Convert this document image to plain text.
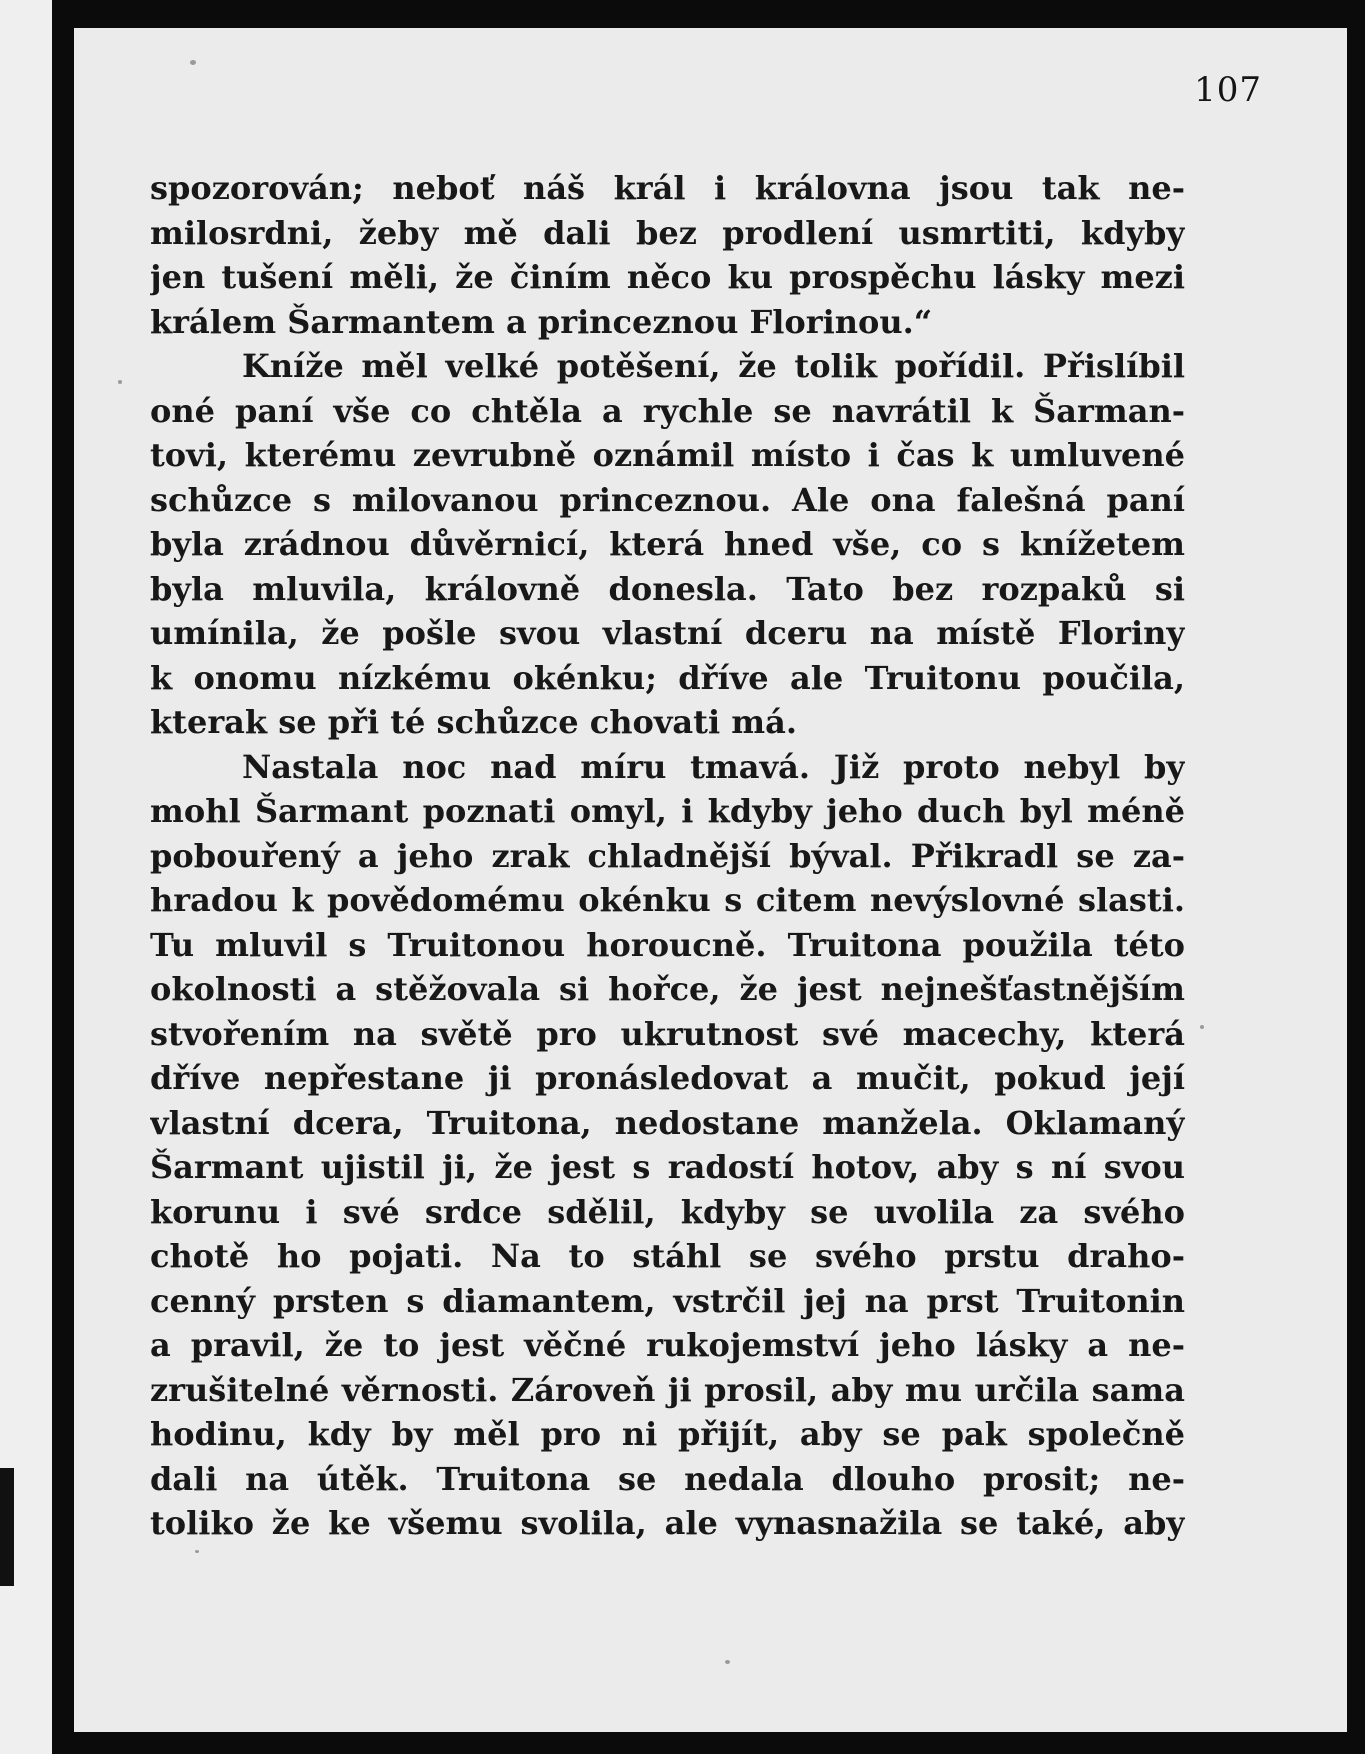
107
spozorován; neboť náš král i královna jsou tak ne-
milosrdni, žeby mě dali bez prodlení usmrtiti, kdyby
jen tušení měli, že činím něco ku prospěchu lásky mezi
králem Šarmantem a princeznou Florinou.“
Kníže měl velké potěšení, že tolik pořídil. Přislíbil
oné paní vše co chtěla a rychle se navrátil k Šarman-
tovi, kterému zevrubně oznámil místo i čas k umluvené
schůzce s milovanou princeznou. Ale ona falešná paní
byla zrádnou důvěrnicí, která hned vše, co s knížetem
byla mluvila, královně donesla. Tato bez rozpaků si
umínila, že pošle svou vlastní dceru na místě Floriny
k onomu nízkému okénku; dříve ale Truitonu poučila,
kterak se při té schůzce chovati má.
Nastala noc nad míru tmavá. Již proto nebyl by
mohl Šarmant poznati omyl, i kdyby jeho duch byl méně
pobouřený a jeho zrak chladnější býval. Přikradl se za-
hradou k povědomému okénku s citem nevýslovné slasti.
Tu mluvil s Truitonou horoucně. Truitona použila této
okolnosti a stěžovala si hořce, že jest nejnešťastnějším
stvořením na světě pro ukrutnost své macechy, která
dříve nepřestane ji pronásledovat a mučit, pokud její
vlastní dcera, Truitona, nedostane manžela. Oklamaný
Šarmant ujistil ji, že jest s radostí hotov, aby s ní svou
korunu i své srdce sdělil, kdyby se uvolila za svého
chotě ho pojati. Na to stáhl se svého prstu draho-
cenný prsten s diamantem, vstrčil jej na prst Truitonin
a pravil, že to jest věčné rukojemství jeho lásky a ne-
zrušitelné věrnosti. Zároveň ji prosil, aby mu určila sama
hodinu, kdy by měl pro ni přijít, aby se pak společně
dali na útěk. Truitona se nedala dlouho prosit; ne-
toliko že ke všemu svolila, ale vynasnažila se také, aby
